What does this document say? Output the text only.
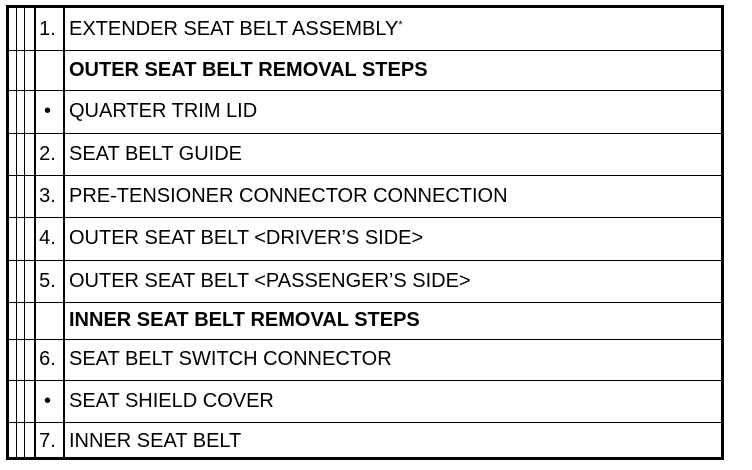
1. EXTENDER SEAT BELT ASSEMBLY*
OUTER SEAT BELT REMOVAL STEPS
• QUARTER TRIM LID
2. SEAT BELT GUIDE
3. PRE-TENSIONER CONNECTOR CONNECTION
4. OUTER SEAT BELT <DRIVER’S SIDE>
5. OUTER SEAT BELT <PASSENGER’S SIDE>
INNER SEAT BELT REMOVAL STEPS
6. SEAT BELT SWITCH CONNECTOR
• SEAT SHIELD COVER
7. INNER SEAT BELT
